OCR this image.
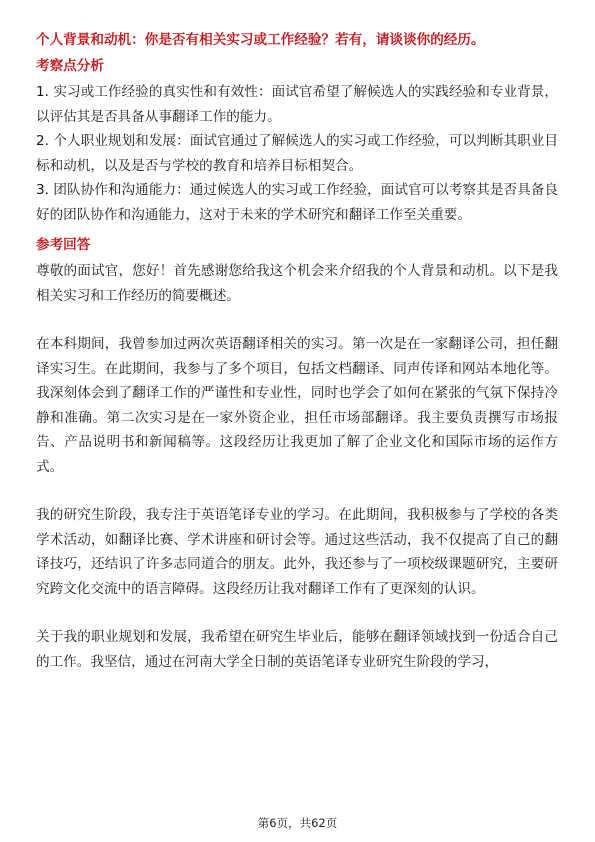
个人背景和动机：你是否有相关实习或工作经验？若有，请谈谈你的经历。

考察点分析

1. 实习或工作经验的真实性和有效性：面试官希望了解候选人的实践经验和专业背景，以评估其是否具备从事翻译工作的能力。

2. 个人职业规划和发展：面试官通过了解候选人的实习或工作经验，可以判断其职业目标和动机，以及是否与学校的教育和培养目标相契合。

3. 团队协作和沟通能力：通过候选人的实习或工作经验，面试官可以考察其是否具备良好的团队协作和沟通能力，这对于未来的学术研究和翻译工作至关重要。

参考回答

尊敬的面试官，您好！首先感谢您给我这个机会来介绍我的个人背景和动机。以下是我相关实习和工作经历的简要概述。

在本科期间，我曾参加过两次英语翻译相关的实习。第一次是在一家翻译公司，担任翻译实习生。在此期间，我参与了多个项目，包括文档翻译、同声传译和网站本地化等。我深刻体会到了翻译工作的严谨性和专业性，同时也学会了如何在紧张的气氛下保持冷静和准确。第二次实习是在一家外资企业，担任市场部翻译。我主要负责撰写市场报告、产品说明书和新闻稿等。这段经历让我更加了解了企业文化和国际市场的运作方式。

我的研究生阶段，我专注于英语笔译专业的学习。在此期间，我积极参与了学校的各类学术活动，如翻译比赛、学术讲座和研讨会等。通过这些活动，我不仅提高了自己的翻译技巧，还结识了许多志同道合的朋友。此外，我还参与了一项校级课题研究，主要研究跨文化交流中的语言障碍。这段经历让我对翻译工作有了更深刻的认识。

关于我的职业规划和发展，我希望在研究生毕业后，能够在翻译领域找到一份适合自己的工作。我坚信，通过在河南大学全日制的英语笔译专业研究生阶段的学习，

第6页，共62页
